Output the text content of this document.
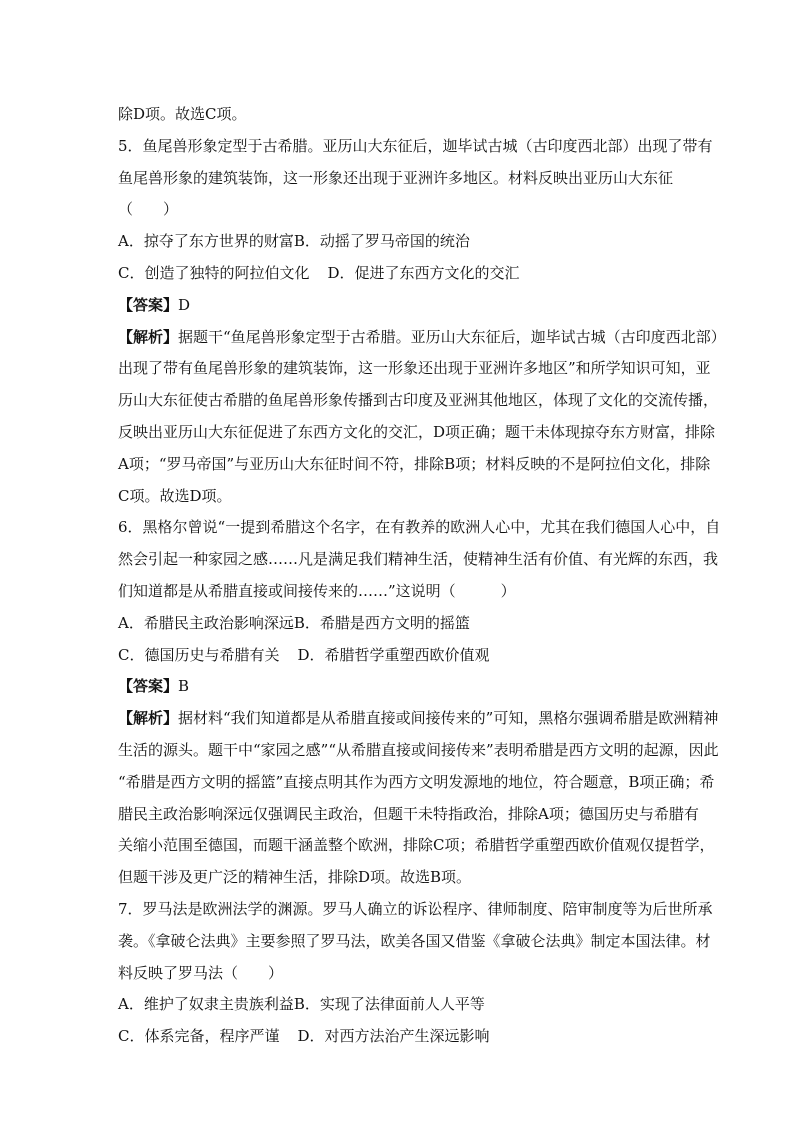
除D项。故选C项。
5．鱼尾兽形象定型于古希腊。亚历山大东征后，迦毕试古城（古印度西北部）出现了带有
鱼尾兽形象的建筑装饰，这一形象还出现于亚洲许多地区。材料反映出亚历山大东征
（　　）
A．掠夺了东方世界的财富B．动摇了罗马帝国的统治
C．创造了独特的阿拉伯文化 D．促进了东西方文化的交汇
【答案】D
【解析】据题干“鱼尾兽形象定型于古希腊。亚历山大东征后，迦毕试古城（古印度西北部）
出现了带有鱼尾兽形象的建筑装饰，这一形象还出现于亚洲许多地区”和所学知识可知，亚
历山大东征使古希腊的鱼尾兽形象传播到古印度及亚洲其他地区，体现了文化的交流传播，
反映出亚历山大东征促进了东西方文化的交汇，D项正确；题干未体现掠夺东方财富，排除
A项；“罗马帝国”与亚历山大东征时间不符，排除B项；材料反映的不是阿拉伯文化，排除
C项。故选D项。
6．黑格尔曾说“一提到希腊这个名字，在有教养的欧洲人心中，尤其在我们德国人心中，自
然会引起一种家园之感……凡是满足我们精神生活，使精神生活有价值、有光辉的东西，我
们知道都是从希腊直接或间接传来的……”这说明（　　　）
A．希腊民主政治影响深远B．希腊是西方文明的摇篮
C．德国历史与希腊有关 D．希腊哲学重塑西欧价值观
【答案】B
【解析】据材料“我们知道都是从希腊直接或间接传来的”可知，黑格尔强调希腊是欧洲精神
生活的源头。题干中“家园之感”“从希腊直接或间接传来”表明希腊是西方文明的起源，因此
“希腊是西方文明的摇篮”直接点明其作为西方文明发源地的地位，符合题意，B项正确；希
腊民主政治影响深远仅强调民主政治，但题干未特指政治，排除A项；德国历史与希腊有
关缩小范围至德国，而题干涵盖整个欧洲，排除C项；希腊哲学重塑西欧价值观仅提哲学，
但题干涉及更广泛的精神生活，排除D项。故选B项。
7．罗马法是欧洲法学的渊源。罗马人确立的诉讼程序、律师制度、陪审制度等为后世所承
袭。《拿破仑法典》主要参照了罗马法，欧美各国又借鉴《拿破仑法典》制定本国法律。材
料反映了罗马法（　　）
A．维护了奴隶主贵族利益B．实现了法律面前人人平等
C．体系完备，程序严谨 D．对西方法治产生深远影响
